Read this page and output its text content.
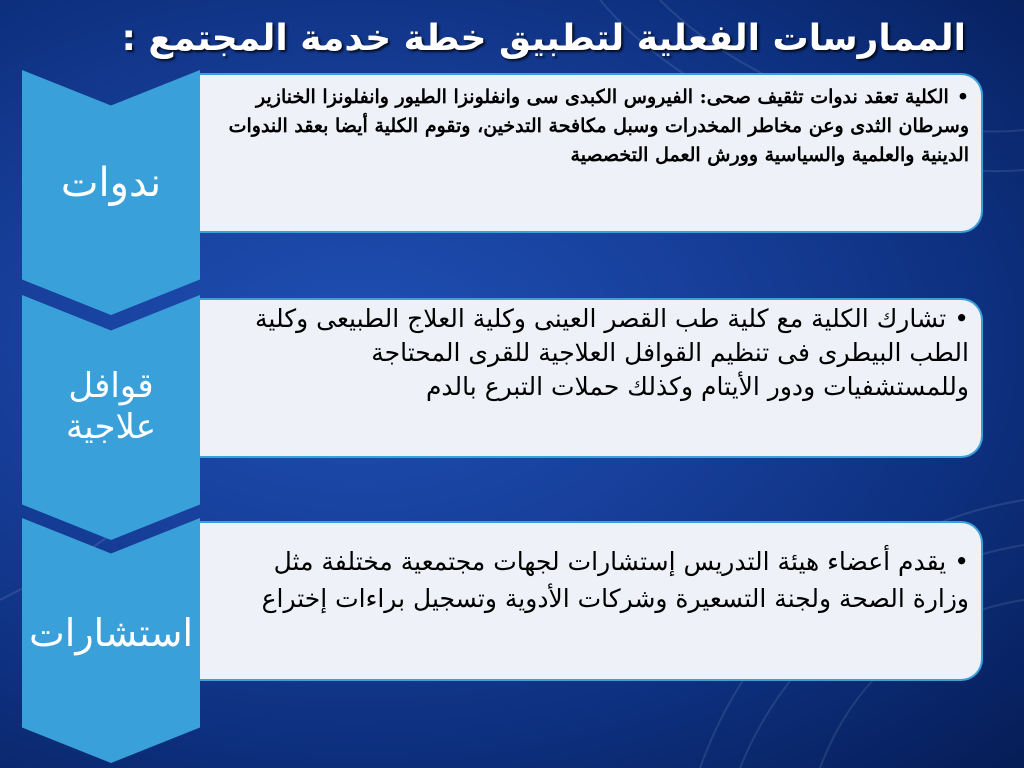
الممارسات الفعلية لتطبيق خطة خدمة المجتمع :
ندوات
قوافل
علاجية
استشارات
•الكلية تعقد ندوات تثقيف صحى: الفيروس الكبدى سى وانفلونزا الطيور وانفلونزا الخنازير وسرطان الثدى وعن مخاطر المخدرات وسبل مكافحة التدخين، وتقوم الكلية أيضا بعقد الندوات الدينية والعلمية والسياسية وورش العمل التخصصية
•تشارك الكلية مع كلية طب القصر العينى وكلية العلاج الطبيعى وكلية الطب البيطرى فى تنظيم القوافل العلاجية للقرى المحتاجة وللمستشفيات ودور الأيتام وكذلك حملات التبرع بالدم
•يقدم أعضاء هيئة التدريس إستشارات لجهات مجتمعية مختلفة مثل وزارة الصحة ولجنة التسعيرة وشركات الأدوية وتسجيل براءات إختراع
